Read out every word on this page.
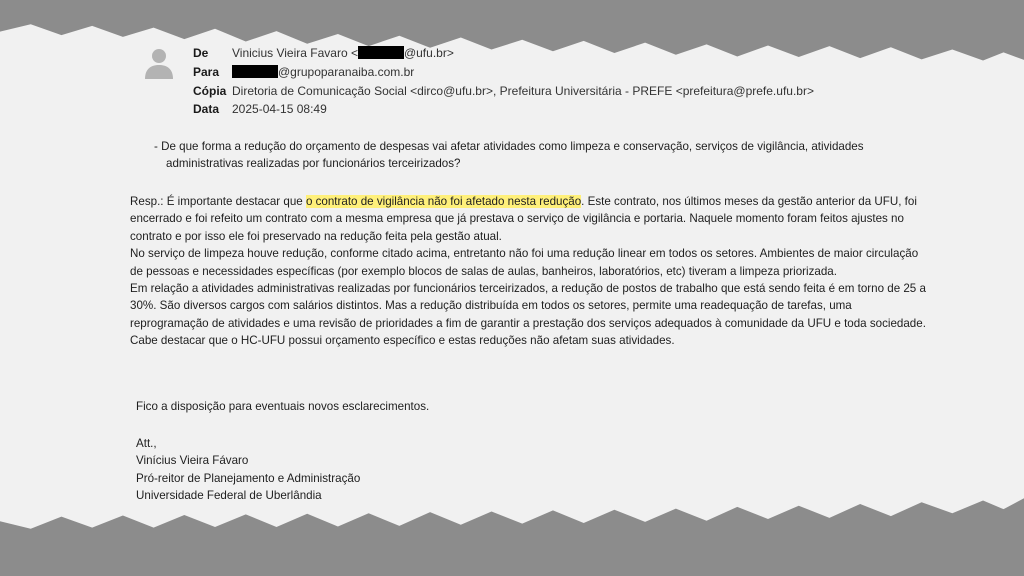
De Vinicius Vieira Favaro <	@ufu.br>
Para	@grupoparanaiba.com.br
Cópia Diretoria de Comunicação Social <dirco@ufu.br>, Prefeitura Universitária - PREFE <prefeitura@prefe.ufu.br>
Data 2025-04-15 08:49
- De que forma a redução do orçamento de despesas vai afetar atividades como limpeza e conservação, serviços de vigilância, atividades
administrativas realizadas por funcionários terceirizados?
Resp.: É importante destacar que o contrato de vigilância não foi afetado nesta redução. Este contrato, nos últimos meses da gestão anterior da UFU, foi
encerrado e foi refeito um contrato com a mesma empresa que já prestava o serviço de vigilância e portaria. Naquele momento foram feitos ajustes no
contrato e por isso ele foi preservado na redução feita pela gestão atual.
No serviço de limpeza houve redução, conforme citado acima, entretanto não foi uma redução linear em todos os setores. Ambientes de maior circulação
de pessoas e necessidades específicas (por exemplo blocos de salas de aulas, banheiros, laboratórios, etc) tiveram a limpeza priorizada.
Em relação a atividades administrativas realizadas por funcionários terceirizados, a redução de postos de trabalho que está sendo feita é em torno de 25 a
30%. São diversos cargos com salários distintos. Mas a redução distribuída em todos os setores, permite uma readequação de tarefas, uma
reprogramação de atividades e uma revisão de prioridades a fim de garantir a prestação dos serviços adequados à comunidade da UFU e toda sociedade.
Cabe destacar que o HC-UFU possui orçamento específico e estas reduções não afetam suas atividades.
Fico a disposição para eventuais novos esclarecimentos.
Att.,
Vinícius Vieira Fávaro
Pró-reitor de Planejamento e Administração
Universidade Federal de Uberlândia
